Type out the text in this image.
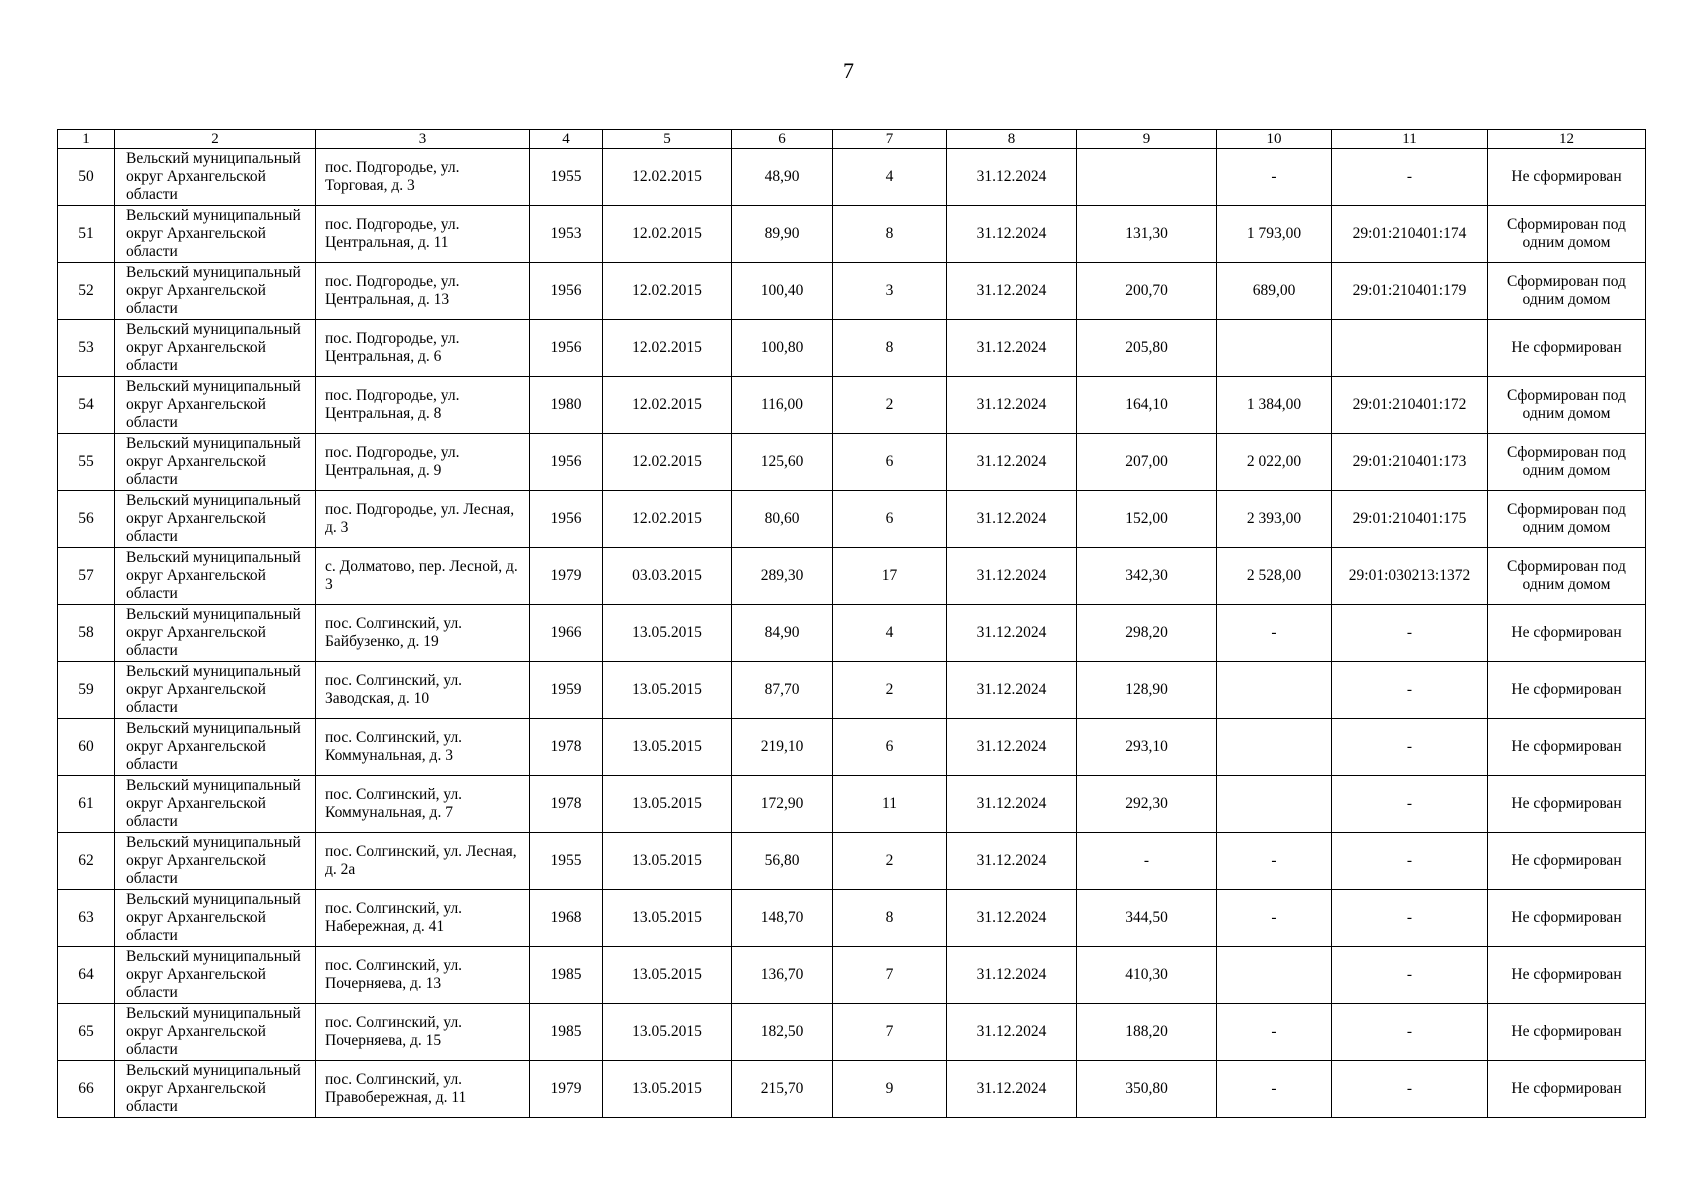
7
1	2	3	4	5	6	7	8	9	10	11	12
50	Вельский муниципальный округ Архангельской области	пос. Подгородье, ул. Торговая, д. 3	1955	12.02.2015	48,90	4	31.12.2024		-	-	Не сформирован
51	Вельский муниципальный округ Архангельской области	пос. Подгородье, ул. Центральная, д. 11	1953	12.02.2015	89,90	8	31.12.2024	131,30	1 793,00	29:01:210401:174	Сформирован под одним домом
52	Вельский муниципальный округ Архангельской области	пос. Подгородье, ул. Центральная, д. 13	1956	12.02.2015	100,40	3	31.12.2024	200,70	689,00	29:01:210401:179	Сформирован под одним домом
53	Вельский муниципальный округ Архангельской области	пос. Подгородье, ул. Центральная, д. 6	1956	12.02.2015	100,80	8	31.12.2024	205,80			Не сформирован
54	Вельский муниципальный округ Архангельской области	пос. Подгородье, ул. Центральная, д. 8	1980	12.02.2015	116,00	2	31.12.2024	164,10	1 384,00	29:01:210401:172	Сформирован под одним домом
55	Вельский муниципальный округ Архангельской области	пос. Подгородье, ул. Центральная, д. 9	1956	12.02.2015	125,60	6	31.12.2024	207,00	2 022,00	29:01:210401:173	Сформирован под одним домом
56	Вельский муниципальный округ Архангельской области	пос. Подгородье, ул. Лесная, д. 3	1956	12.02.2015	80,60	6	31.12.2024	152,00	2 393,00	29:01:210401:175	Сформирован под одним домом
57	Вельский муниципальный округ Архангельской области	с. Долматово, пер. Лесной, д. 3	1979	03.03.2015	289,30	17	31.12.2024	342,30	2 528,00	29:01:030213:1372	Сформирован под одним домом
58	Вельский муниципальный округ Архангельской области	пос. Солгинский, ул. Байбузенко, д. 19	1966	13.05.2015	84,90	4	31.12.2024	298,20	-	-	Не сформирован
59	Вельский муниципальный округ Архангельской области	пос. Солгинский, ул. Заводская, д. 10	1959	13.05.2015	87,70	2	31.12.2024	128,90		-	Не сформирован
60	Вельский муниципальный округ Архангельской области	пос. Солгинский, ул. Коммунальная, д. 3	1978	13.05.2015	219,10	6	31.12.2024	293,10		-	Не сформирован
61	Вельский муниципальный округ Архангельской области	пос. Солгинский, ул. Коммунальная, д. 7	1978	13.05.2015	172,90	11	31.12.2024	292,30		-	Не сформирован
62	Вельский муниципальный округ Архангельской области	пос. Солгинский, ул. Лесная, д. 2а	1955	13.05.2015	56,80	2	31.12.2024	-	-	-	Не сформирован
63	Вельский муниципальный округ Архангельской области	пос. Солгинский, ул. Набережная, д. 41	1968	13.05.2015	148,70	8	31.12.2024	344,50	-	-	Не сформирован
64	Вельский муниципальный округ Архангельской области	пос. Солгинский, ул. Почерняева, д. 13	1985	13.05.2015	136,70	7	31.12.2024	410,30		-	Не сформирован
65	Вельский муниципальный округ Архангельской области	пос. Солгинский, ул. Почерняева, д. 15	1985	13.05.2015	182,50	7	31.12.2024	188,20	-	-	Не сформирован
66	Вельский муниципальный округ Архангельской области	пос. Солгинский, ул. Правобережная, д. 11	1979	13.05.2015	215,70	9	31.12.2024	350,80	-	-	Не сформирован
